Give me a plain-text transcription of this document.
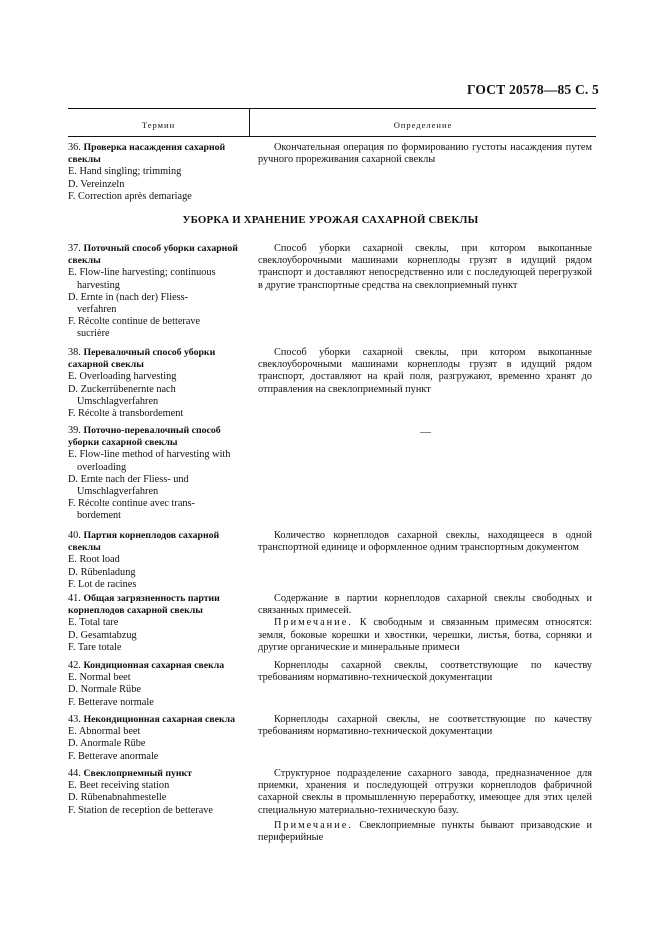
ГОСТ 20578—85 С. 5
Термин	Определение
36. Проверка насаждения сахарной свеклы
E. Hand singling; trimming
D. Vereinzeln
F. Correction après demariage

Окончательная операция по формированию густоты насаждения путем ручного прореживания сахарной свеклы

УБОРКА И ХРАНЕНИЕ УРОЖАЯ САХАРНОЙ СВЕКЛЫ
37. Поточный способ уборки сахарной свеклы
E. Flow-line harvesting; continuous
harvesting
D. Ernte in (nach der) Fliess-
verfahren
F. Récolte continue de betterave
sucrière

Способ уборки сахарной свеклы, при котором выкопанные свеклоуборочными машинами корнеплоды грузят в идущий рядом транспорт и доставляют непосредственно или с последующей перегрузкой в другие транспортные средства на свеклоприемный пункт

38. Перевалочный способ уборки сахарной свеклы
E. Overloading harvesting
D. Zuckerrübenernte nach
Umschlagverfahren
F. Récolte à transbordement

Способ уборки сахарной свеклы, при котором выкопанные свеклоуборочными машинами корнеплоды грузят в идущий рядом транспорт, доставляют на край поля, разгружают, временно хранят до отправления на свеклоприемный пункт

39. Поточно-перевалочный способ уборки сахарной свеклы
E. Flow-line method of harvesting with
overloading
D. Ernte nach der Fliess- und
Umschlagverfahren
F. Récolte continue avec trans-
bordement
—
40. Партия корнеплодов сахарной свеклы
E. Root load
D. Rübenladung
F. Lot de racines

Количество корнеплодов сахарной свеклы, находящееся в одной транспортной единице и оформленное одним транспортным документом

41. Общая загрязненность партии корнеплодов сахарной свеклы
E. Total tare
D. Gesamtabzug
F. Tare totale

Содержание в партии корнеплодов сахарной свеклы свободных и связанных примесей.

Примечание. К свободным и связанным примесям относятся: земля, боковые корешки и хвостики, черешки, листья, ботва, сорняки и другие органические и минеральные примеси

42. Кондиционная сахарная свекла
E. Normal beet
D. Normale Rübe
F. Betterave normale

Корнеплоды сахарной свеклы, соответствующие по качеству требованиям нормативно-технической документации

43. Некондиционная сахарная свекла
E. Abnormal beet
D. Anormale Rübe
F. Betterave anormale

Корнеплоды сахарной свеклы, не соответствующие по качеству требованиям нормативно-технической документации

44. Свеклоприемный пункт
E. Beet receiving station
D. Rübenabnahmestelle
F. Station de reception de betterave

Структурное подразделение сахарного завода, предназначенное для приемки, хранения и последующей отгрузки корнеплодов фабричной сахарной свеклы в промышленную переработку, имеющее для этих целей специальную материально-техническую базу.

Примечание. Свеклоприемные пункты бывают призаводские и периферийные
